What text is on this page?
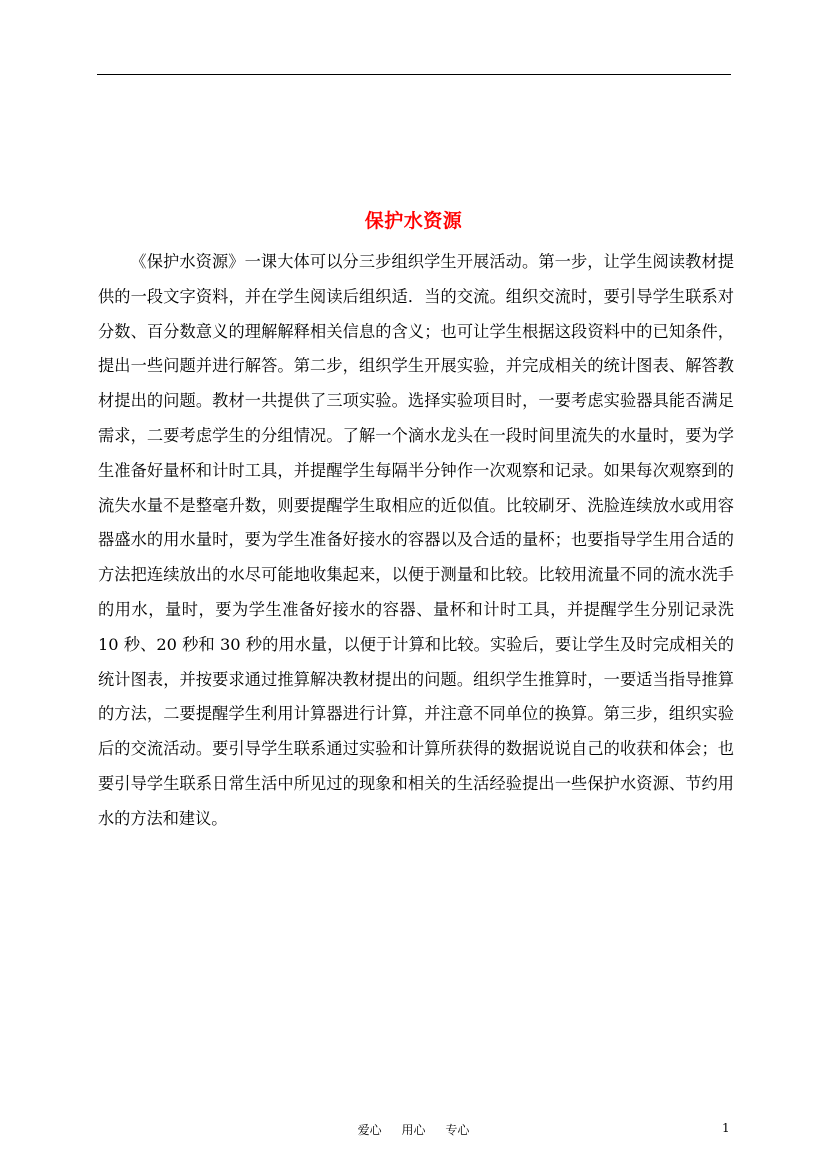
保护水资源

《保护水资源》一课大体可以分三步组织学生开展活动。第一步，让学生阅读教材提供的一段文字资料，并在学生阅读后组织适．当的交流。组织交流时，要引导学生联系对分数、百分数意义的理解解释相关信息的含义；也可让学生根据这段资料中的已知条件，提出一些问题并进行解答。第二步，组织学生开展实验，并完成相关的统计图表、解答教材提出的问题。教材一共提供了三项实验。选择实验项目时，一要考虑实验器具能否满足需求，二要考虑学生的分组情况。了解一个滴水龙头在一段时间里流失的水量时，要为学生准备好量杯和计时工具，并提醒学生每隔半分钟作一次观察和记录。如果每次观察到的流失水量不是整毫升数，则要提醒学生取相应的近似值。比较刷牙、洗脸连续放水或用容器盛水的用水量时，要为学生准备好接水的容器以及合适的量杯；也要指导学生用合适的方法把连续放出的水尽可能地收集起来，以便于测量和比较。比较用流量不同的流水洗手的用水，量时，要为学生准备好接水的容器、量杯和计时工具，并提醒学生分别记录洗 10 秒、20 秒和 30 秒的用水量，以便于计算和比较。实验后，要让学生及时完成相关的统计图表，并按要求通过推算解决教材提出的问题。组织学生推算时，一要适当指导推算的方法，二要提醒学生利用计算器进行计算，并注意不同单位的换算。第三步，组织实验后的交流活动。要引导学生联系通过实验和计算所获得的数据说说自己的收获和体会；也要引导学生联系日常生活中所见过的现象和相关的生活经验提出一些保护水资源、节约用水的方法和建议。

爱心 用心 专心	1
